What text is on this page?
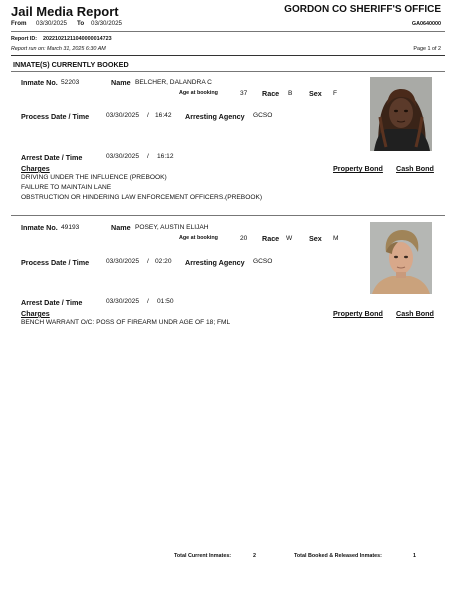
Jail Media Report	GORDON CO SHERIFF'S OFFICE
From 03/30/2025 To 03/30/2025	GA0640000
Report ID: 20221021211040000014723
Report run on: March 31, 2025 6:30 AM	Page 1 of 2
INMATE(S) CURRENTLY BOOKED
Inmate No. 52203	Name BELCHER, DALANDRA C
Age at booking	37 Race B Sex F
Process Date / Time	03/30/2025 / 16:42 Arresting Agency GCSO
Arrest Date / Time	03/30/2025 / 16:12
Charges	Property Bond Cash Bond
DRIVING UNDER THE INFLUENCE (PREBOOK)
FAILURE TO MAINTAIN LANE
OBSTRUCTION OR HINDERING LAW ENFORCEMENT OFFICERS.(PREBOOK)
Inmate No. 49193	Name POSEY, AUSTIN ELIJAH
Age at booking	20 Race W Sex M
Process Date / Time	03/30/2025 / 02:20 Arresting Agency GCSO
Arrest Date / Time	03/30/2025 / 01:50
Charges	Property Bond Cash Bond
BENCH WARRANT O/C: POSS OF FIREARM UNDR AGE OF 18; FML
Total Current Inmates:	2	Total Booked & Released Inmates:	1
